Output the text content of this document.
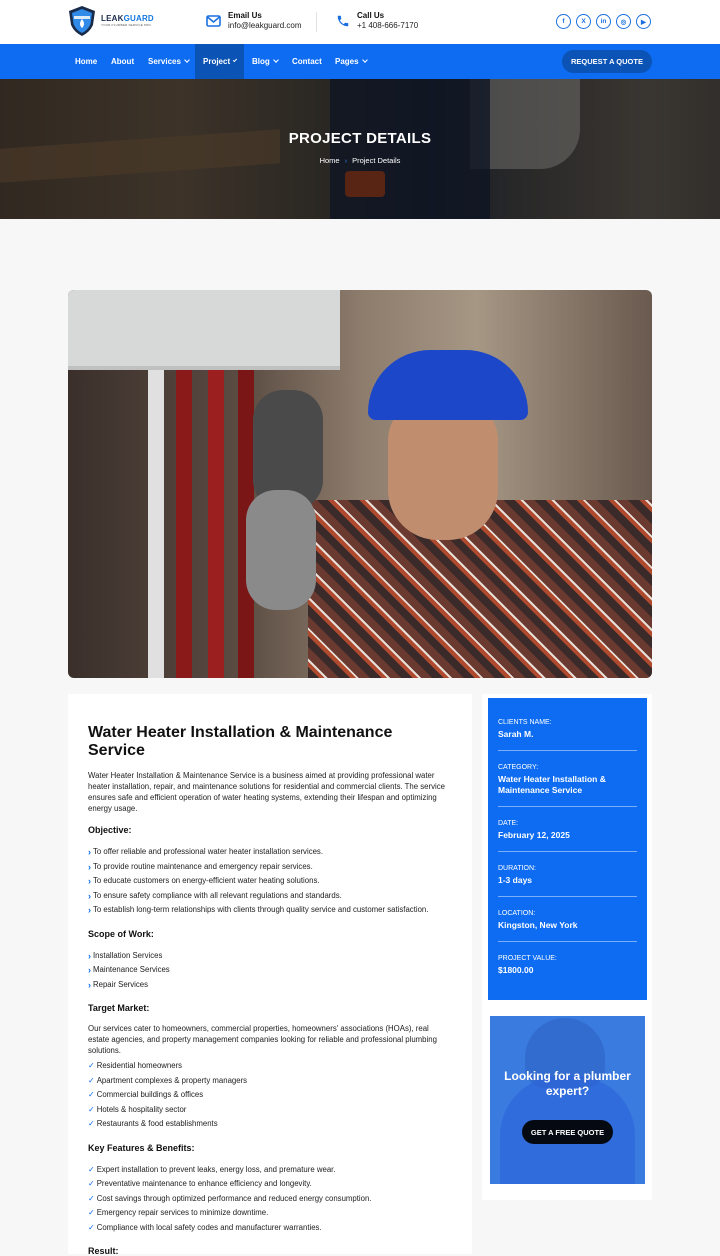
LEAKGUARD
YOUR PLUMBER SERVICE PRO
Email Us
info@leakguard.com
Call Us
+1 408-666-7170	f	X	in	◎	▶
Home About Services	Project	Blog	Contact Pages	REQUEST A QUOTE
PROJECT DETAILS
Home › Project Details
Water Heater Installation & Maintenance Service

Water Heater Installation & Maintenance Service is a business aimed at providing professional water heater installation, repair, and maintenance solutions for residential and commercial clients. The service ensures safe and efficient operation of water heating systems, extending their lifespan and optimizing energy usage.

Objective:
› To offer reliable and professional water heater installation services.
› To provide routine maintenance and emergency repair services.
› To educate customers on energy-efficient water heating solutions.
› To ensure safety compliance with all relevant regulations and standards.
› To establish long-term relationships with clients through quality service and customer satisfaction.
Scope of Work:
› Installation Services
› Maintenance Services
› Repair Services
Target Market:

Our services cater to homeowners, commercial properties, homeowners' associations (HOAs), real estate agencies, and property management companies looking for reliable and professional plumbing solutions.

✓ Residential homeowners
✓ Apartment complexes & property managers
✓ Commercial buildings & offices
✓ Hotels & hospitality sector
✓ Restaurants & food establishments
Key Features & Benefits:
✓ Expert installation to prevent leaks, energy loss, and premature wear.
✓ Preventative maintenance to enhance efficiency and longevity.
✓ Cost savings through optimized performance and reduced energy consumption.
✓ Emergency repair services to minimize downtime.
✓ Compliance with local safety codes and manufacturer warranties.
Result:
CLIENTS NAME:
Sarah M.
CATEGORY:
Water Heater Installation & Maintenance Service
DATE:
February 12, 2025
DURATION:
1-3 days
LOCATION:
Kingston, New York
PROJECT VALUE:
$1800.00
Looking for a plumber expert?
GET A FREE QUOTE
